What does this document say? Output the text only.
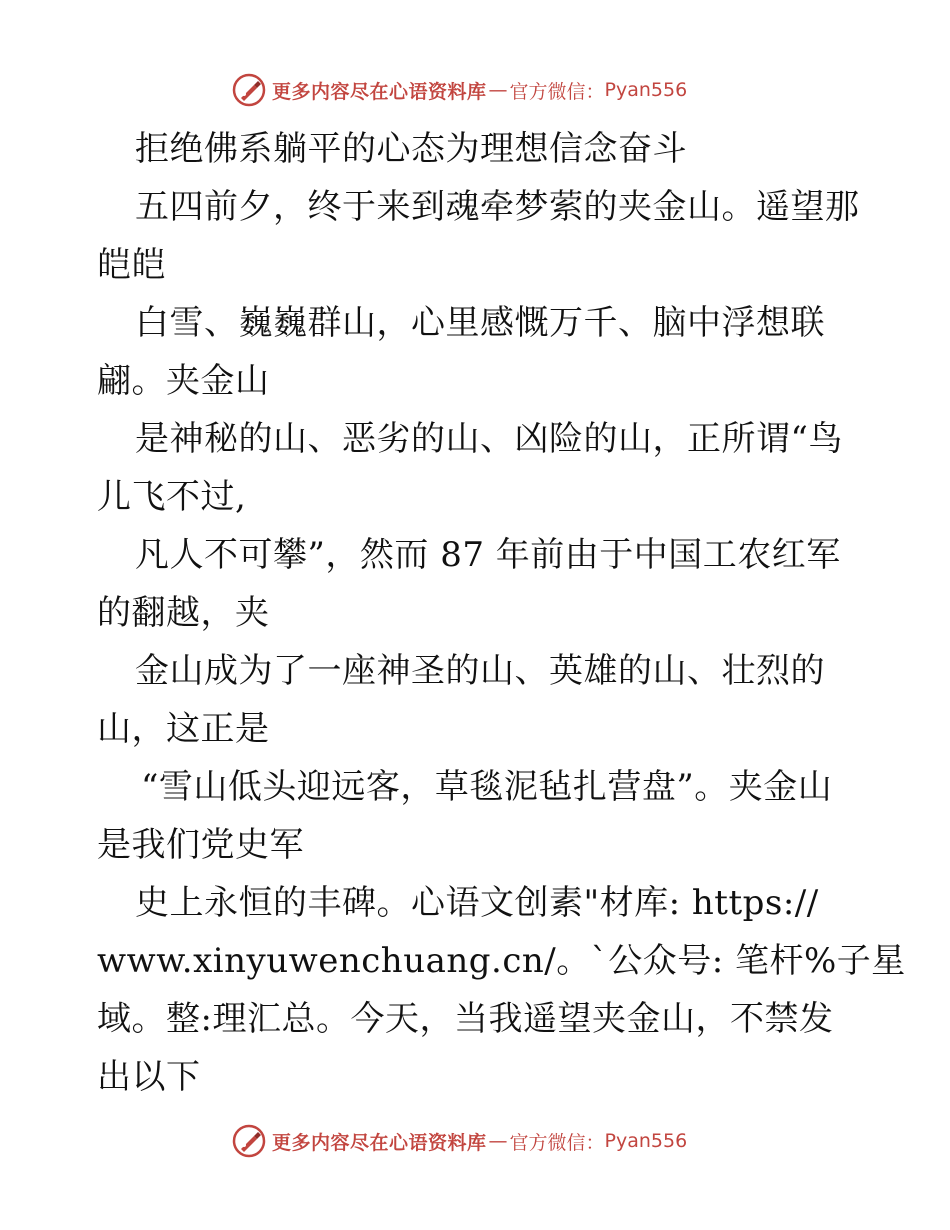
更多内容尽在心语资料库 — 官方微信： Pyan556
拒绝佛系躺平的心态为理想信念奋斗
五四前夕，终于来到魂牵梦萦的夹金山。遥望那
皑皑
白雪、巍巍群山，心里感慨万千、脑中浮想联
翩。夹金山
是神秘的山、恶劣的山、凶险的山，正所谓“鸟
儿飞不过,
凡人不可攀”，然而 87 年前由于中国工农红军
的翻越，夹
金山成为了一座神圣的山、英雄的山、壮烈的
山，这正是
“雪山低头迎远客，草毯泥毡扎营盘”。夹金山
是我们党史军
史上永恒的丰碑。心语文创素"材库: https://
www.xinyuwenchuang.cn/。`公众号: 笔杆%子星
域。整:理汇总。今天，当我遥望夹金山，不禁发
出以下
更多内容尽在心语资料库 — 官方微信： Pyan556
